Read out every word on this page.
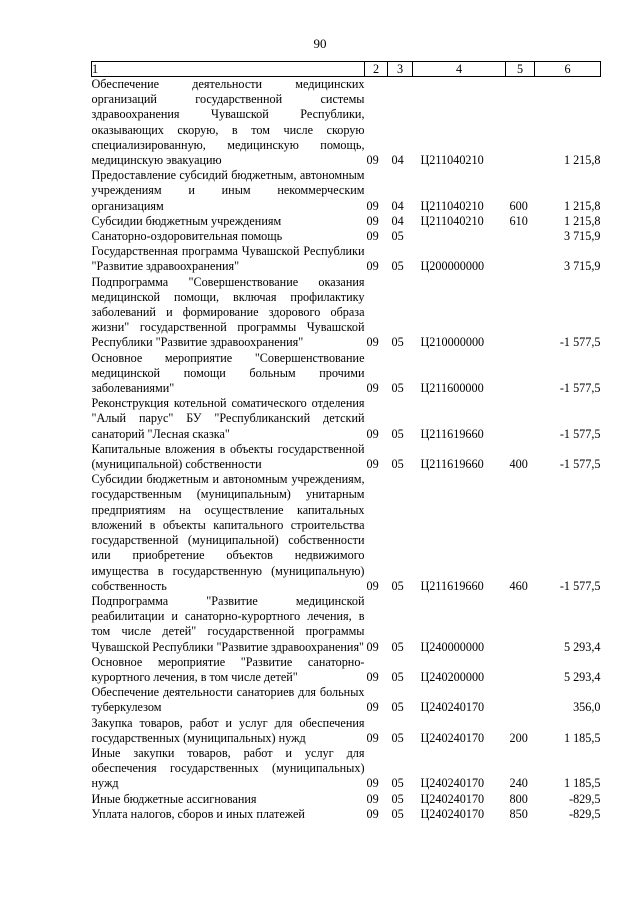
90
1	2	3	4	5	6
Обеспечение деятельности медицинских организаций государственной системы здравоохранения Чувашской Республики, оказывающих скорую, в том числе скорую специализированную, медицинскую помощь, медицинскую эвакуацию	09	04	Ц211040210		1 215,8
Предоставление субсидий бюджетным, автономным учреждениям и иным некоммерческим организациям	09	04	Ц211040210	600	1 215,8
Субсидии бюджетным учреждениям	09	04	Ц211040210	610	1 215,8
Санаторно-оздоровительная помощь	09	05			3 715,9
Государственная программа Чувашской Республики "Развитие здравоохранения"	09	05	Ц200000000		3 715,9
Подпрограмма "Совершенствование оказания медицинской помощи, включая профилактику заболеваний и формирование здорового образа жизни" государственной программы Чувашской Республики "Развитие здравоохранения"	09	05	Ц210000000		-1 577,5
Основное мероприятие "Совершенствование медицинской помощи больным прочими заболеваниями"	09	05	Ц211600000		-1 577,5
Реконструкция котельной соматического отделения "Алый парус" БУ "Республиканский детский санаторий "Лесная сказка"	09	05	Ц211619660		-1 577,5
Капитальные вложения в объекты государственной (муниципальной) собственности	09	05	Ц211619660	400	-1 577,5
Субсидии бюджетным и автономным учреждениям, государственным (муниципальным) унитарным предприятиям на осуществление капитальных вложений в объекты капитального строительства государственной (муниципальной) собственности или приобретение объектов недвижимого имущества в государственную (муниципальную) собственность	09	05	Ц211619660	460	-1 577,5
Подпрограмма "Развитие медицинской реабилитации и санаторно-курортного лечения, в том числе детей" государственной программы Чувашской Республики "Развитие здравоохранения"	09	05	Ц240000000		5 293,4
Основное мероприятие "Развитие санаторно-курортного лечения, в том числе детей"	09	05	Ц240200000		5 293,4
Обеспечение деятельности санаториев для больных туберкулезом	09	05	Ц240240170		356,0
Закупка товаров, работ и услуг для обеспечения государственных (муниципальных) нужд	09	05	Ц240240170	200	1 185,5
Иные закупки товаров, работ и услуг для обеспечения государственных (муниципальных) нужд	09	05	Ц240240170	240	1 185,5
Иные бюджетные ассигнования	09	05	Ц240240170	800	-829,5
Уплата налогов, сборов и иных платежей	09	05	Ц240240170	850	-829,5
